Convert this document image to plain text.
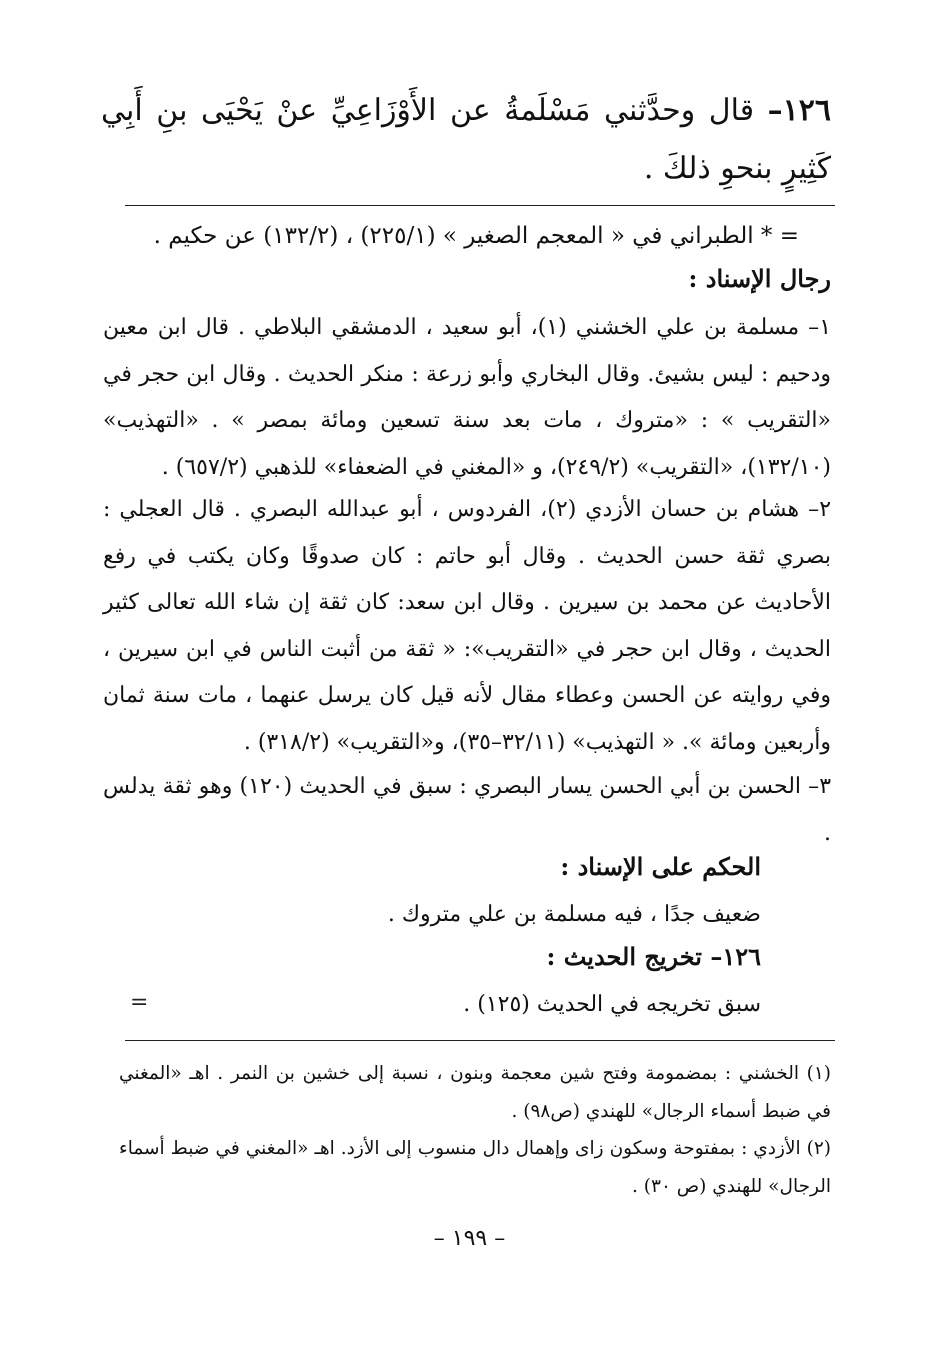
١٢٦– قال وحدَّثني مَسْلَمةُ عن الأَوْزَاعِيِّ عنْ يَحْيَى بنِ أَبِي كَثِيرٍ بنحوِ ذلكَ .
= * الطبراني في « المعجم الصغير » (٢٢٥/١) ، (١٣٢/٢) عن حكيم .
رجال الإسناد :
١– مسلمة بن علي الخشني (١)، أبو سعيد ، الدمشقي البلاطي . قال ابن معين ودحيم : ليس بشيئ. وقال البخاري وأبو زرعة : منكر الحديث . وقال ابن حجر في «التقريب » : «متروك ، مات بعد سنة تسعين ومائة بمصر » . «التهذيب» (١٣٢/١٠)، «التقريب» (٢٤٩/٢)، و «المغني في الضعفاء» للذهبي (٦٥٧/٢) .
٢– هشام بن حسان الأزدي (٢)، الفردوس ، أبو عبدالله البصري . قال العجلي : بصري ثقة حسن الحديث . وقال أبو حاتم : كان صدوقًا وكان يكتب في رفع الأحاديث عن محمد بن سيرين . وقال ابن سعد: كان ثقة إن شاء الله تعالى كثير الحديث ، وقال ابن حجر في «التقريب»: « ثقة من أثبت الناس في ابن سيرين ، وفي روايته عن الحسن وعطاء مقال لأنه قيل كان يرسل عنهما ، مات سنة ثمان وأربعين ومائة ». « التهذيب» (٣٢/١١–٣٥)، و«التقريب» (٣١٨/٢) .
٣– الحسن بن أبي الحسن يسار البصري : سبق في الحديث (١٢٠) وهو ثقة يدلس .
الحكم على الإسناد :
ضعيف جدًا ، فيه مسلمة بن علي متروك .
١٢٦– تخريج الحديث :
سبق تخريجه في الحديث (١٢٥) .
=
(١) الخشني : بمضمومة وفتح شين معجمة وبنون ، نسبة إلى خشين بن النمر . اهـ «المغني في ضبط أسماء الرجال» للهندي (ص٩٨) .
(٢) الأزدي : بمفتوحة وسكون زاى وإهمال دال منسوب إلى الأزد. اهـ «المغني في ضبط أسماء الرجال» للهندي (ص ٣٠) .
– ١٩٩ –
